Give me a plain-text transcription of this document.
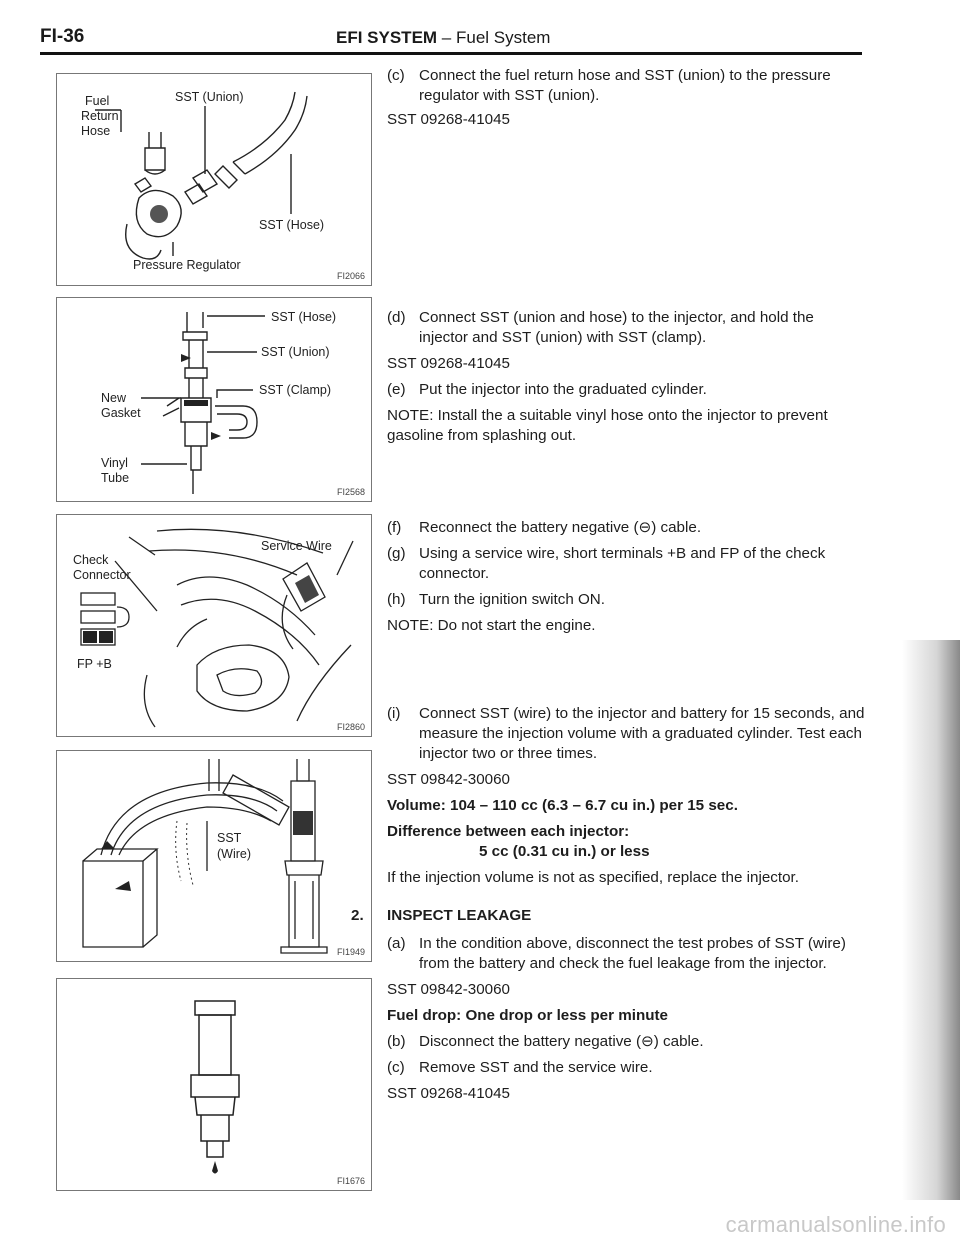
FI-36	EFI SYSTEM – Fuel System
Fuel
Return
Hose
SST (Union)
SST (Hose)
Pressure Regulator
FI2066
SST (Hose)
SST (Union)
SST (Clamp)
New
Gasket
Vinyl
Tube
FI2568
Check
Connector
Service Wire
FP +B
FI2860
SST
(Wire)
FI1949
FI1676

(c) Connect the fuel return hose and SST (union) to the pressure regulator with SST (union).

SST 09268-41045

(d) Connect SST (union and hose) to the injector, and hold the injector and SST (union) with SST (clamp).

SST 09268-41045

(e) Put the injector into the graduated cylinder.

NOTE: Install the a suitable vinyl hose onto the injector to prevent gasoline from splashing out.

(f) Reconnect the battery negative (⊖) cable.

(g) Using a service wire, short terminals +B and FP of the check connector.

(h) Turn the ignition switch ON.

NOTE: Do not start the engine.

(i) Connect SST (wire) to the injector and battery for 15 seconds, and measure the injection volume with a graduated cylinder. Test each injector two or three times.

SST 09842-30060

Volume: 104 – 110 cc (6.3 – 6.7 cu in.) per 15 sec.

Difference between each injector:

5 cc (0.31 cu in.) or less

If the injection volume is not as specified, replace the injector.

2. INSPECT LEAKAGE

(a) In the condition above, disconnect the test probes of SST (wire) from the battery and check the fuel leakage from the injector.

SST 09842-30060

Fuel drop: One drop or less per minute

(b) Disconnect the battery negative (⊖) cable.

(c) Remove SST and the service wire.

SST 09268-41045

carmanualsonline.info
